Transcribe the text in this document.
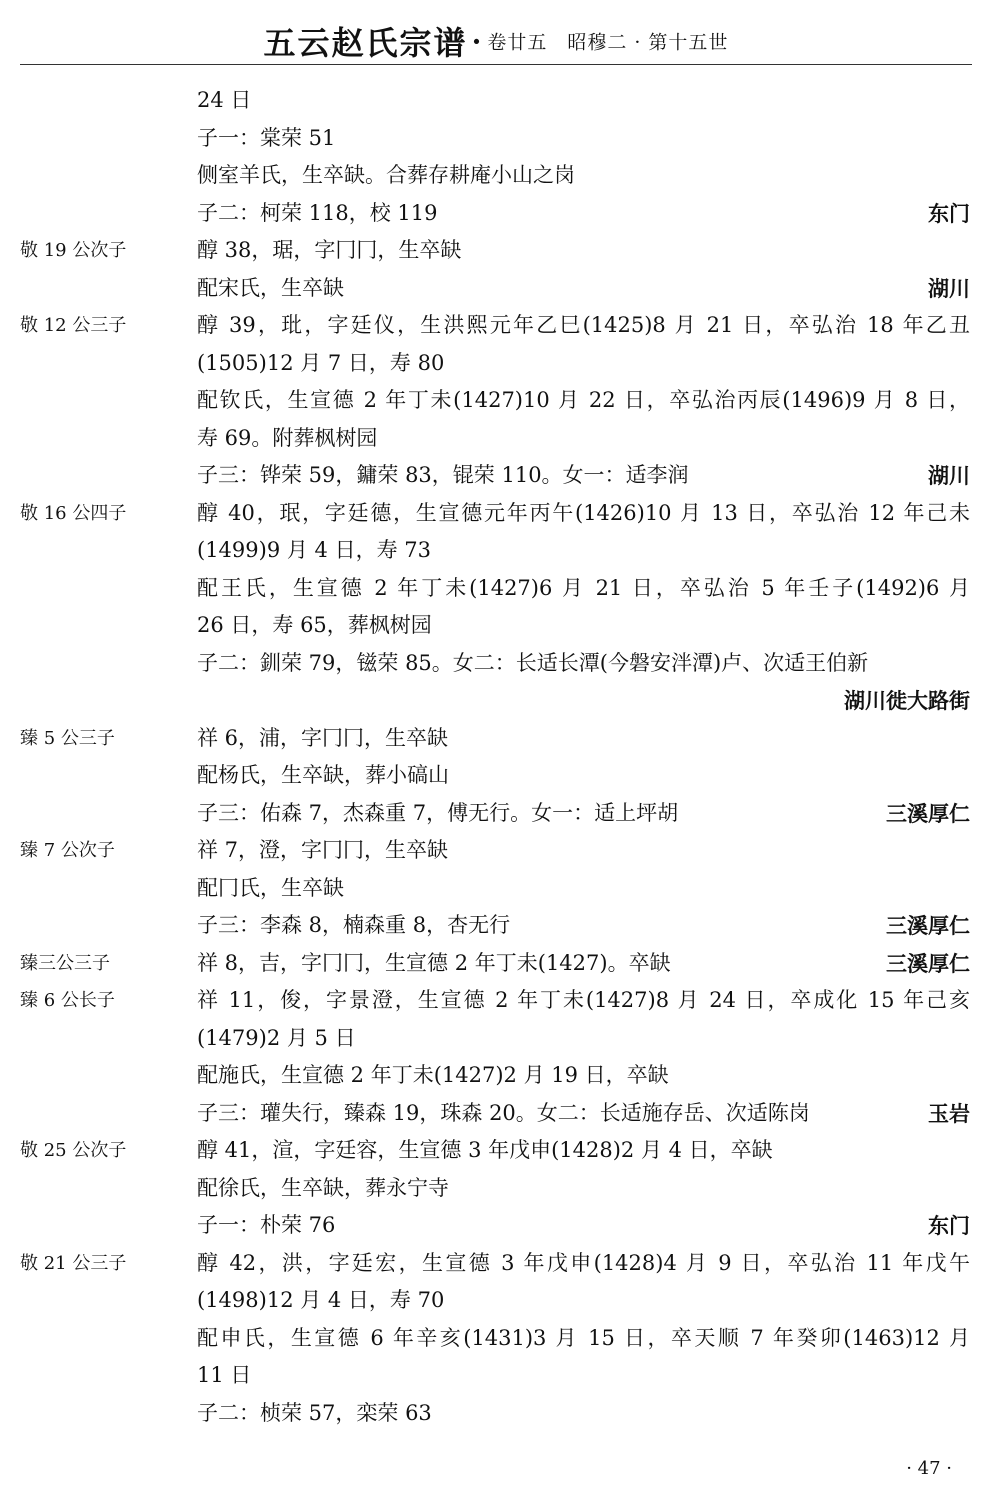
五云赵氏宗谱 · 卷廿五　昭穆二 · 第十五世
24 日
子一：棠荣 51
侧室羊氏，生卒缺。合葬存耕庵小山之岗
子二：柯荣 118，校 119	东门
敬 19 公次子	醇 38，琚，字冂冂，生卒缺
配宋氏，生卒缺	湖川
敬 12 公三子	醇 39，玭，字廷仪，生洪熙元年乙巳(1425)8 月 21 日，卒弘治 18 年乙丑
(1505)12 月 7 日，寿 80
配钦氏，生宣德 2 年丁未(1427)10 月 22 日，卒弘治丙辰(1496)9 月 8 日，
寿 69。附葬枫树园
子三：铧荣 59，鏞荣 83，锟荣 110。女一：适李润	湖川
敬 16 公四子	醇 40，珉，字廷德，生宣德元年丙午(1426)10 月 13 日，卒弘治 12 年己未
(1499)9 月 4 日，寿 73
配王氏，生宣德 2 年丁未(1427)6 月 21 日，卒弘治 5 年壬子(1492)6 月
26 日，寿 65，葬枫树园
子二：釧荣 79，镃荣 85。女二：长适长潭(今磐安泮潭)卢、次适王伯新
湖川徙大路街
臻 5 公三子	祥 6，浦，字冂冂，生卒缺
配杨氏，生卒缺，葬小碻山
子三：佑森 7，杰森重 7，傅无行。女一：适上坪胡	三溪厚仁
臻 7 公次子	祥 7，澄，字冂冂，生卒缺
配冂氏，生卒缺
子三：李森 8，楠森重 8，杏无行	三溪厚仁
臻三公三子	祥 8，吉，字冂冂，生宣德 2 年丁未(1427)。卒缺	三溪厚仁
臻 6 公长子	祥 11，俊，字景澄，生宣德 2 年丁未(1427)8 月 24 日，卒成化 15 年己亥
(1479)2 月 5 日
配施氏，生宣德 2 年丁未(1427)2 月 19 日，卒缺
子三：瓘失行，臻森 19，珠森 20。女二：长适施存岳、次适陈岗	玉岩
敬 25 公次子	醇 41，渲，字廷容，生宣德 3 年戊申(1428)2 月 4 日，卒缺
配徐氏，生卒缺，葬永宁寺
子一：朴荣 76	东门
敬 21 公三子	醇 42，洪，字廷宏，生宣德 3 年戊申(1428)4 月 9 日，卒弘治 11 年戊午
(1498)12 月 4 日，寿 70
配申氏，生宣德 6 年辛亥(1431)3 月 15 日，卒天顺 7 年癸卯(1463)12 月
11 日
子二：桢荣 57，栾荣 63
· 47 ·
